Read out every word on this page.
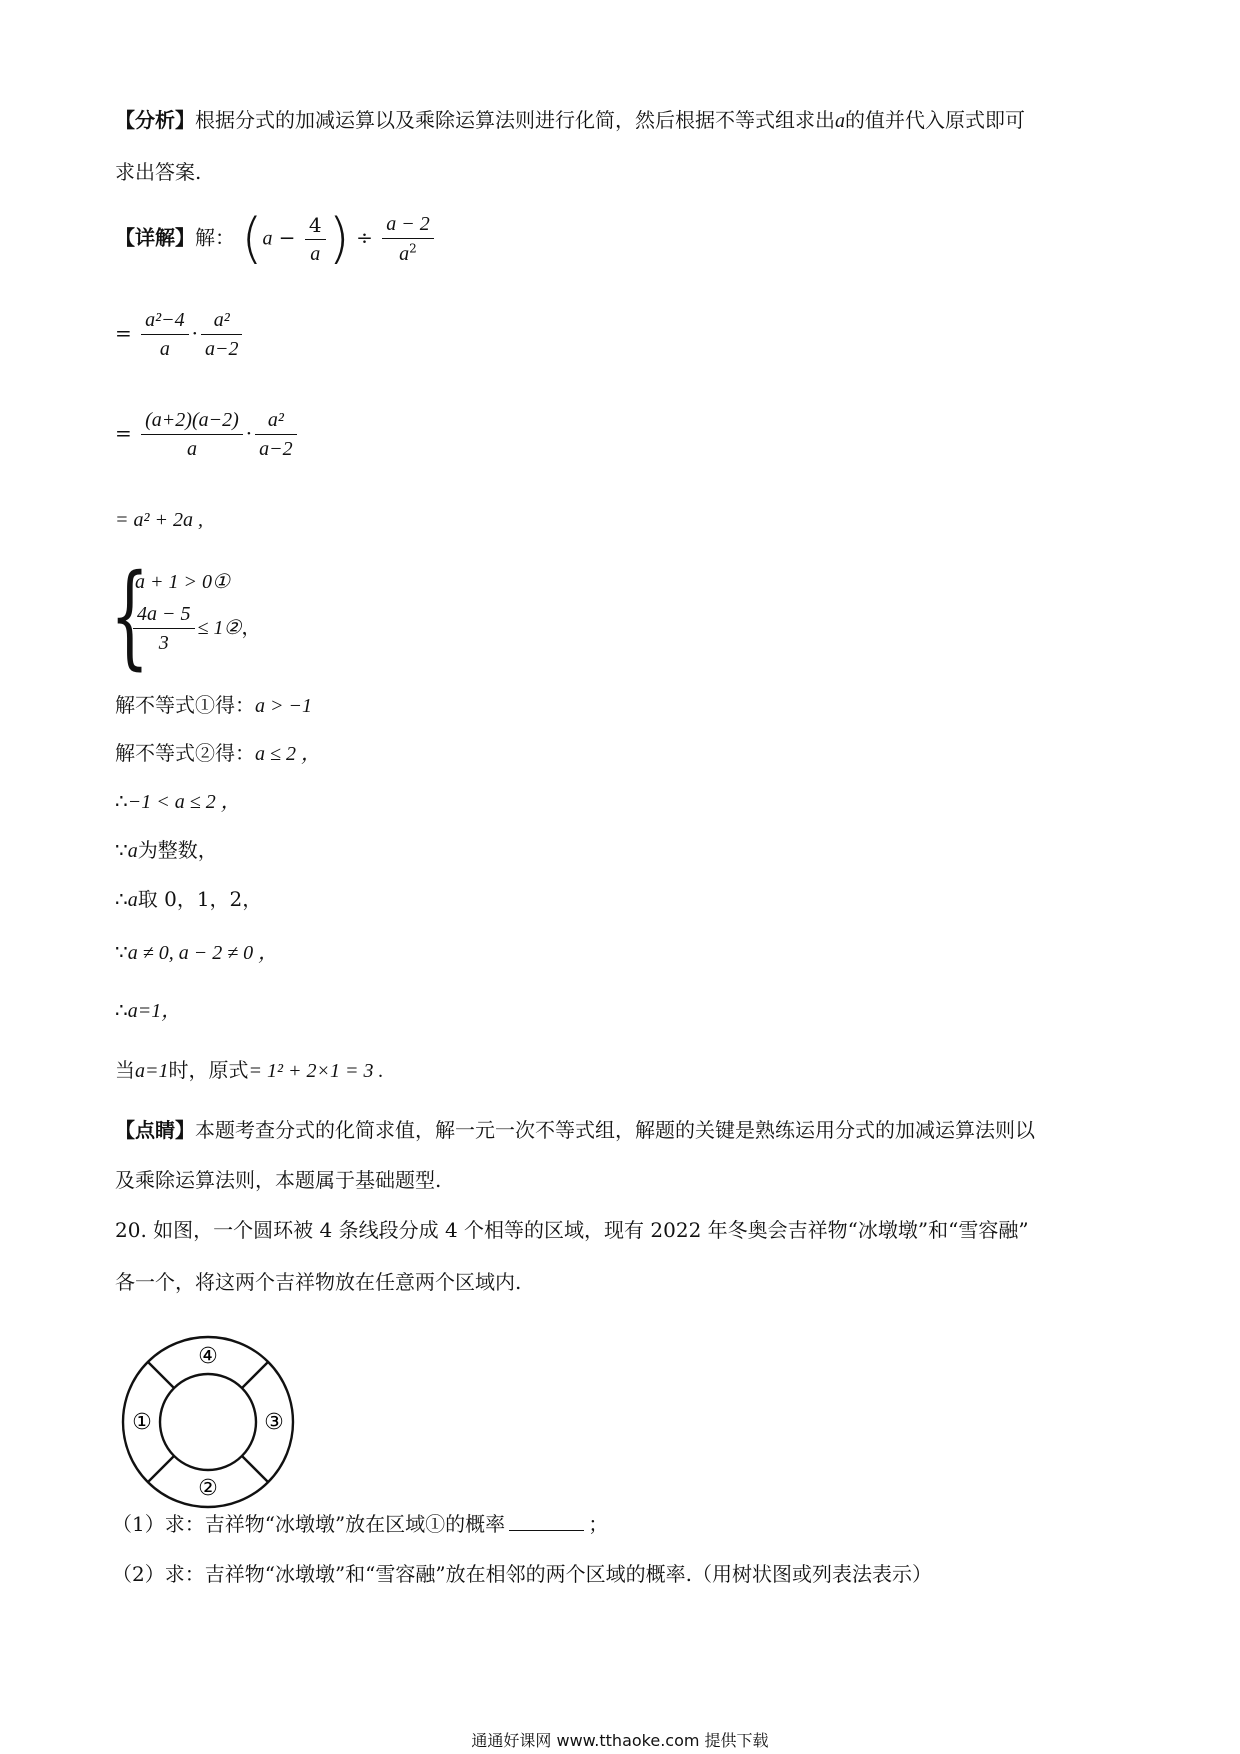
【分析】根据分式的加减运算以及乘除运算法则进行化简，然后根据不等式组求出a的值并代入原式即可
求出答案.
【详解】解： ($a - \frac{4}{a}$ ) ÷ $\frac{a - 2}{a^2}$
= $\frac{\text{a²−4}}{a} \cdot \frac{\text{a²}}{a-2}$
= $\frac{(a+2)(a-2)}{a} \cdot \frac{\text{a²}}{a-2}$
= a² + 2a ,
{
a + 1 > 0①
$\frac{4a - 5}{3}$ ≤ 1②，
解不等式①得：a > −1
解不等式②得：a ≤ 2 ，
∴−1 < a ≤ 2 ，
∵a为整数，
∴a取 0，1，2，
∵a ≠ 0, a − 2 ≠ 0 ，
∴a=1，
当a=1时，原式= 1² + 2×1 = 3 .
【点睛】本题考查分式的化简求值，解一元一次不等式组，解题的关键是熟练运用分式的加减运算法则以
及乘除运算法则，本题属于基础题型.
20. 如图，一个圆环被 4 条线段分成 4 个相等的区域，现有 2022 年冬奥会吉祥物“冰墩墩”和“雪容融”
各一个，将这两个吉祥物放在任意两个区域内.
①
②
③
④
（1）求：吉祥物“冰墩墩”放在区域①的概率	；
（2）求：吉祥物“冰墩墩”和“雪容融”放在相邻的两个区域的概率.（用树状图或列表法表示）
通通好课网 www.tthaoke.com 提供下载
